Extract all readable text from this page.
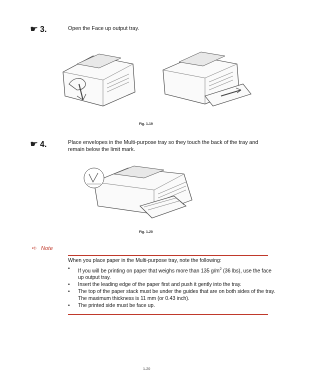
☛ 3.	Open the Face up output tray.
Fig. 1-19
☛ 4.	Place envelopes in the Multi-purpose tray so they touch the back of the tray and remain below the limit mark.
Fig. 1-20
➪ Note
When you place paper in the Multi-purpose tray, note the following:
• If you will be printing on paper that weighs more than 135 $g/m^2$ (36 lbs), use the face up output tray.
• Insert the leading edge of the paper first and push it gently into the tray.
• The top of the paper stack must be under the guides that are on both sides of the tray. The maximum thickness is 11 mm (or 0.43 inch).
• The printed side must be face up.
1-20
